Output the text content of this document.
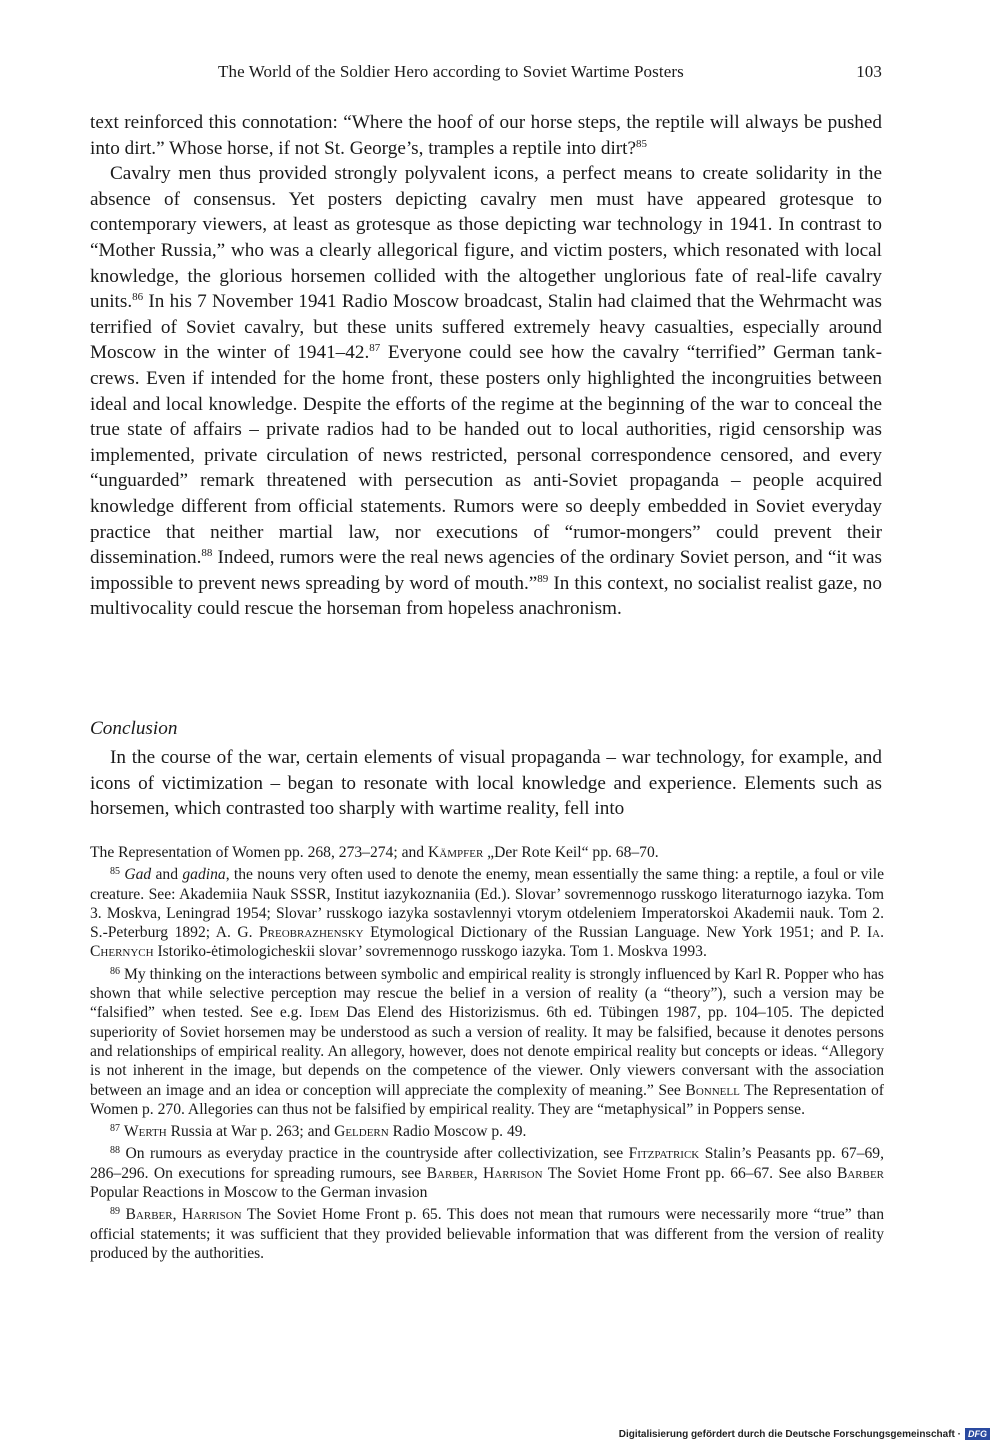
The World of the Soldier Hero according to Soviet Wartime Posters	103

text reinforced this connotation: “Where the hoof of our horse steps, the reptile will always be pushed into dirt.” Whose horse, if not St. George’s, tramples a reptile into dirt?$^{85}$

Cavalry men thus provided strongly polyvalent icons, a perfect means to create solidarity in the absence of consensus. Yet posters depicting cavalry men must have appeared grotesque to contemporary viewers, at least as grotesque as those depicting war technology in 1941. In contrast to “Mother Russia,” who was a clearly allegorical figure, and victim posters, which resonated with local knowledge, the glorious horsemen collided with the altogether unglorious fate of real-life cavalry units.$^{86}$ In his 7 November 1941 Radio Moscow broadcast, Stalin had claimed that the Wehrmacht was terrified of Soviet cavalry, but these units suffered extremely heavy casualties, especially around Moscow in the winter of 1941–42.87 Everyone could see how the cavalry “terrified” German tank-crews. Even if intended for the home front, these posters only highlighted the incongruities between ideal and local knowledge. Despite the efforts of the regime at the beginning of the war to conceal the true state of affairs – private radios had to be handed out to local authorities, rigid censorship was implemented, private circulation of news restricted, personal correspondence censored, and every “unguarded” remark threatened with persecution as anti-Soviet propaganda – people acquired knowledge different from official statements. Rumors were so deeply embedded in Soviet everyday practice that neither martial law, nor executions of “rumor-mongers” could prevent their dissemination.$^{88}$ Indeed, rumors were the real news agencies of the ordinary Soviet person, and “it was impossible to prevent news spreading by word of mouth.”$^{89}$ In this context, no socialist realist gaze, no multivocality could rescue the horseman from hopeless anachronism.

Conclusion

In the course of the war, certain elements of visual propaganda – war technology, for example, and icons of victimization – began to resonate with local knowledge and experience. Elements such as horsemen, which contrasted too sharply with wartime reality, fell into

The Representation of Women pp. 268, 273–274; and Kämpfer „Der Rote Keil“ pp. 68–70.

$^{85}$ Gad and gadina, the nouns very often used to denote the enemy, mean essentially the same thing: a reptile, a foul or vile creature. See: Akademiia Nauk SSSR, Institut iazykoznaniia (Ed.). Slovar’ sovremennogo russkogo literaturnogo iazyka. Tom 3. Moskva, Leningrad 1954; Slovar’ russkogo iazyka sostavlennyi vtorym otdeleniem Imperatorskoi Akademii nauk. Tom 2. S.-Peterburg 1892; A. G. Preobrazhensky Etymological Dictionary of the Russian Language. New York 1951; and P. Ia. Chernych Istoriko-ėtimologicheskii slovar’ sovremennogo russkogo iazyka. Tom 1. Moskva 1993.

$^{86}$ My thinking on the interactions between symbolic and empirical reality is strongly influenced by Karl R. Popper who has shown that while selective perception may rescue the belief in a version of reality (a “theory”), such a version may be “falsified” when tested. See e.g. Idem Das Elend des Historizismus. 6th ed. Tübingen 1987, pp. 104–105. The depicted superiority of Soviet horsemen may be understood as such a version of reality. It may be falsified, because it denotes persons and relationships of empirical reality. An allegory, however, does not denote empirical reality but concepts or ideas. “Allegory is not inherent in the image, but depends on the competence of the viewer. Only viewers conversant with the association between an image and an idea or conception will appreciate the complexity of meaning.” See Bonnell The Representation of Women p. 270. Allegories can thus not be falsified by empirical reality. They are “metaphysical” in Poppers sense.

$^{87}$ Werth Russia at War p. 263; and Geldern Radio Moscow p. 49.

$^{88}$ On rumours as everyday practice in the countryside after collectivization, see Fitzpatrick Stalin’s Peasants pp. 67–69, 286–296. On executions for spreading rumours, see Barber, Harrison The Soviet Home Front pp. 66–67. See also Barber Popular Reactions in Moscow to the German invasion

$^{89}$ Barber, Harrison The Soviet Home Front p. 65. This does not mean that rumours were necessarily more “true” than official statements; it was sufficient that they provided believable information that was different from the version of reality produced by the authorities.

Digitalisierung gefördert durch die Deutsche Forschungsgemeinschaft · DFG
